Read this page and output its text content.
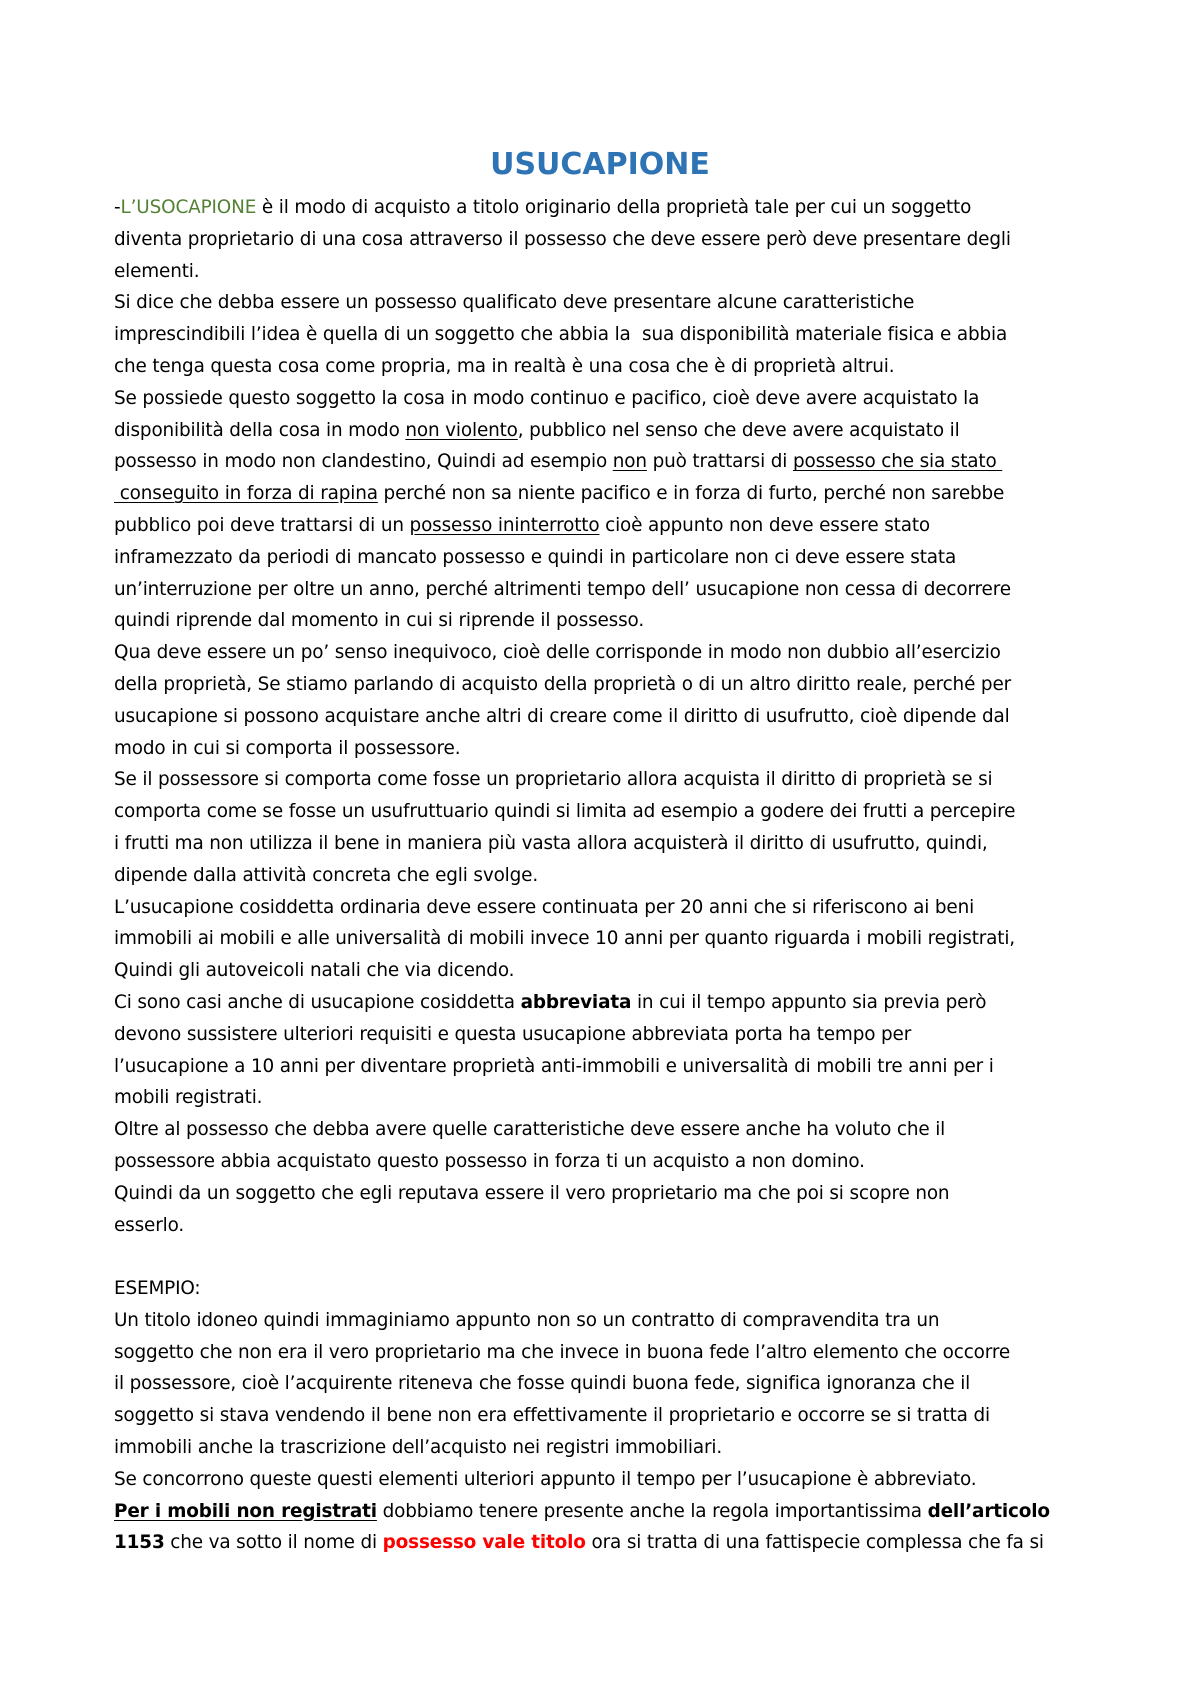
USUCAPIONE
-L’USOCAPIONE è il modo di acquisto a titolo originario della proprietà tale per cui un soggetto
diventa proprietario di una cosa attraverso il possesso che deve essere però deve presentare degli
elementi.
Si dice che debba essere un possesso qualificato deve presentare alcune caratteristiche
imprescindibili l’idea è quella di un soggetto che abbia la  sua disponibilità materiale fisica e abbia
che tenga questa cosa come propria, ma in realtà è una cosa che è di proprietà altrui.
Se possiede questo soggetto la cosa in modo continuo e pacifico, cioè deve avere acquistato la
disponibilità della cosa in modo non violento, pubblico nel senso che deve avere acquistato il
possesso in modo non clandestino, Quindi ad esempio non può trattarsi di possesso che sia stato
conseguito in forza di rapina perché non sa niente pacifico e in forza di furto, perché non sarebbe
pubblico poi deve trattarsi di un possesso ininterrotto cioè appunto non deve essere stato
inframezzato da periodi di mancato possesso e quindi in particolare non ci deve essere stata
un’interruzione per oltre un anno, perché altrimenti tempo dell’ usucapione non cessa di decorrere
quindi riprende dal momento in cui si riprende il possesso.
Qua deve essere un po’ senso inequivoco, cioè delle corrisponde in modo non dubbio all’esercizio
della proprietà, Se stiamo parlando di acquisto della proprietà o di un altro diritto reale, perché per
usucapione si possono acquistare anche altri di creare come il diritto di usufrutto, cioè dipende dal
modo in cui si comporta il possessore.
Se il possessore si comporta come fosse un proprietario allora acquista il diritto di proprietà se si
comporta come se fosse un usufruttuario quindi si limita ad esempio a godere dei frutti a percepire
i frutti ma non utilizza il bene in maniera più vasta allora acquisterà il diritto di usufrutto, quindi,
dipende dalla attività concreta che egli svolge.
L’usucapione cosiddetta ordinaria deve essere continuata per 20 anni che si riferiscono ai beni
immobili ai mobili e alle universalità di mobili invece 10 anni per quanto riguarda i mobili registrati,
Quindi gli autoveicoli natali che via dicendo.
Ci sono casi anche di usucapione cosiddetta abbreviata in cui il tempo appunto sia previa però
devono sussistere ulteriori requisiti e questa usucapione abbreviata porta ha tempo per
l’usucapione a 10 anni per diventare proprietà anti-immobili e universalità di mobili tre anni per i
mobili registrati.
Oltre al possesso che debba avere quelle caratteristiche deve essere anche ha voluto che il
possessore abbia acquistato questo possesso in forza ti un acquisto a non domino.
Quindi da un soggetto che egli reputava essere il vero proprietario ma che poi si scopre non
esserlo.

ESEMPIO:
Un titolo idoneo quindi immaginiamo appunto non so un contratto di compravendita tra un
soggetto che non era il vero proprietario ma che invece in buona fede l’altro elemento che occorre
il possessore, cioè l’acquirente riteneva che fosse quindi buona fede, significa ignoranza che il
soggetto si stava vendendo il bene non era effettivamente il proprietario e occorre se si tratta di
immobili anche la trascrizione dell’acquisto nei registri immobiliari.
Se concorrono queste questi elementi ulteriori appunto il tempo per l’usucapione è abbreviato.
Per i mobili non registrati dobbiamo tenere presente anche la regola importantissima dell’articolo
1153 che va sotto il nome di possesso vale titolo ora si tratta di una fattispecie complessa che fa si
